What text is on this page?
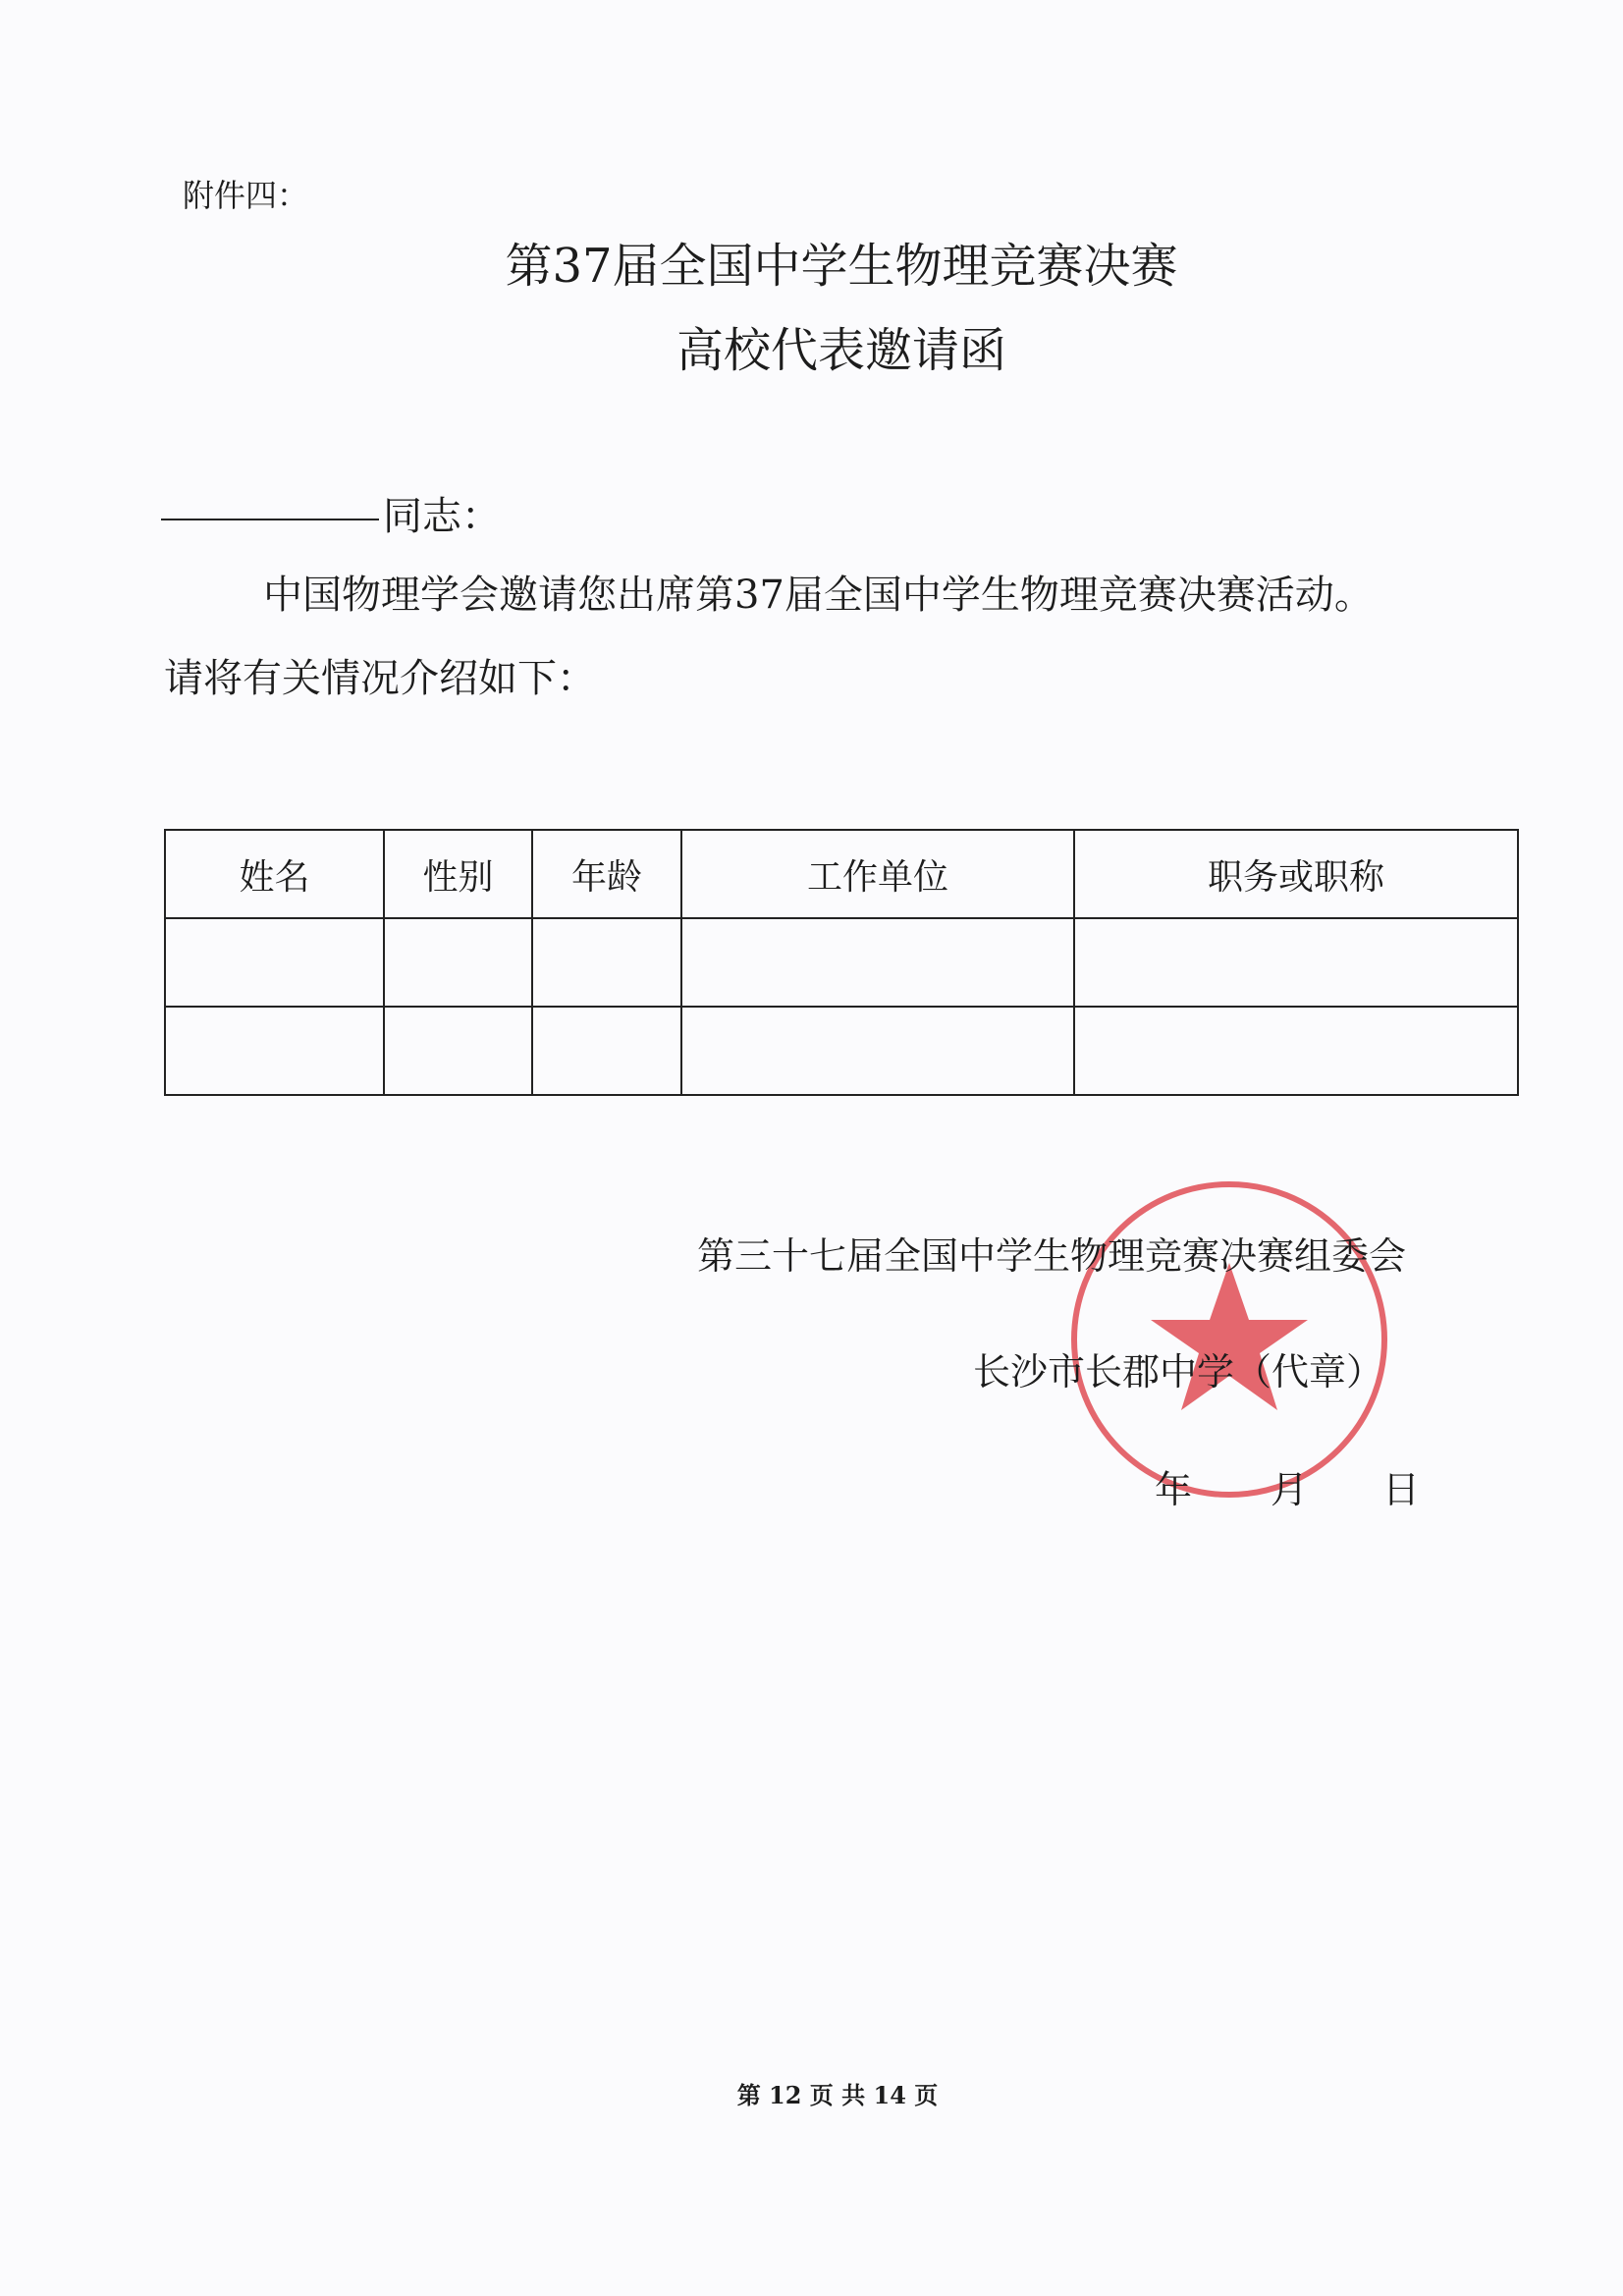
附件四：
第37届全国中学生物理竞赛决赛
高校代表邀请函
同志：
中国物理学会邀请您出席第37届全国中学生物理竞赛决赛活动。
请将有关情况介绍如下：
姓名	性别	年龄	工作单位	职务或职称

第三十七届全国中学生物理竞赛决赛组委会
长沙市长郡中学（代章）
年 月 日
第 12 页 共 14 页
